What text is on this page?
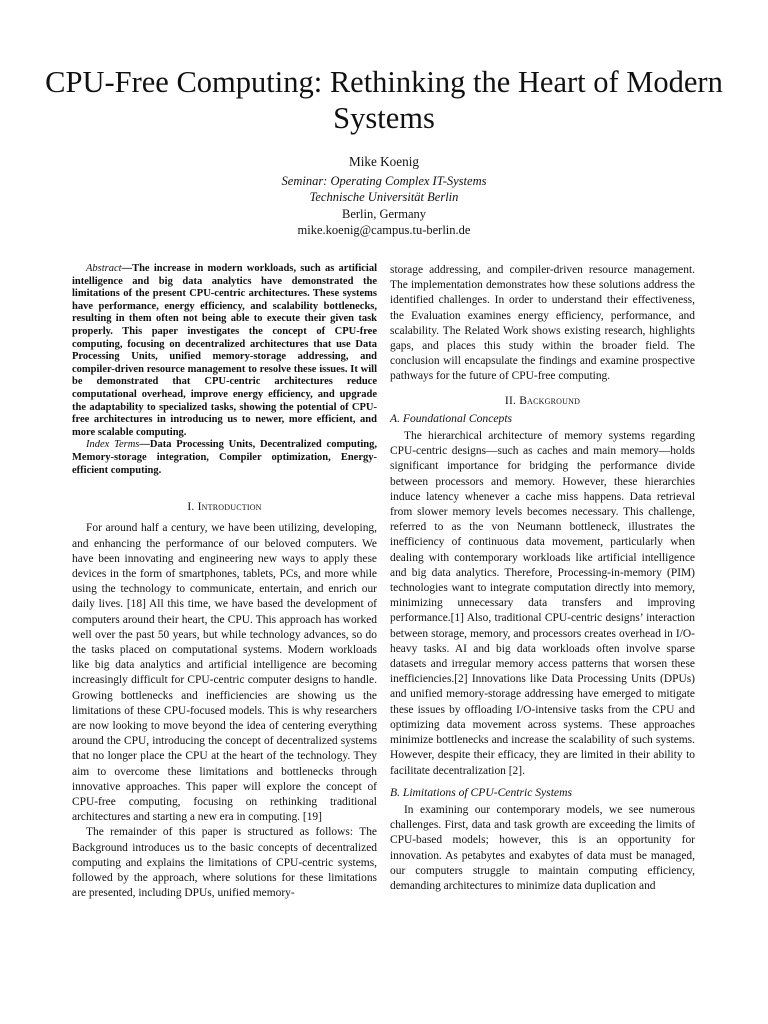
CPU-Free Computing: Rethinking the Heart of Modern Systems
Mike Koenig
Seminar: Operating Complex IT-Systems
Technische Universität Berlin
Berlin, Germany
mike.koenig@campus.tu-berlin.de

Abstract—The increase in modern workloads, such as artificial intelligence and big data analytics have demonstrated the limitations of the present CPU-centric architectures. These systems have performance, energy efficiency, and scalability bottlenecks, resulting in them often not being able to execute their given task properly. This paper investigates the concept of CPU-free computing, focusing on decentralized architectures that use Data Processing Units, unified memory-storage addressing, and compiler-driven resource management to resolve these issues. It will be demonstrated that CPU-centric architectures reduce computational overhead, improve energy efficiency, and upgrade the adaptability to specialized tasks, showing the potential of CPU-free architectures in introducing us to newer, more efficient, and more scalable computing.

Index Terms—Data Processing Units, Decentralized computing, Memory-storage integration, Compiler optimization, Energy-efficient computing.

I. Introduction

For around half a century, we have been utilizing, developing, and enhancing the performance of our beloved computers. We have been innovating and engineering new ways to apply these devices in the form of smartphones, tablets, PCs, and more while using the technology to communicate, entertain, and enrich our daily lives. [18] All this time, we have based the development of computers around their heart, the CPU. This approach has worked well over the past 50 years, but while technology advances, so do the tasks placed on computational systems. Modern workloads like big data analytics and artificial intelligence are becoming increasingly difficult for CPU-centric computer designs to handle. Growing bottlenecks and inefficiencies are showing us the limitations of these CPU-focused models. This is why researchers are now looking to move beyond the idea of centering everything around the CPU, introducing the concept of decentralized systems that no longer place the CPU at the heart of the technology. They aim to overcome these limitations and bottlenecks through innovative approaches. This paper will explore the concept of CPU-free computing, focusing on rethinking traditional architectures and starting a new era in computing. [19]

The remainder of this paper is structured as follows: The Background introduces us to the basic concepts of decentralized computing and explains the limitations of CPU-centric systems, followed by the approach, where solutions for these limitations are presented, including DPUs, unified memory-

storage addressing, and compiler-driven resource management. The implementation demonstrates how these solutions address the identified challenges. In order to understand their effectiveness, the Evaluation examines energy efficiency, performance, and scalability. The Related Work shows existing research, highlights gaps, and places this study within the broader field. The conclusion will encapsulate the findings and examine prospective pathways for the future of CPU-free computing.

II. Background
A. Foundational Concepts

The hierarchical architecture of memory systems regarding CPU-centric designs—such as caches and main memory—holds significant importance for bridging the performance divide between processors and memory. However, these hierarchies induce latency whenever a cache miss happens. Data retrieval from slower memory levels becomes necessary. This challenge, referred to as the von Neumann bottleneck, illustrates the inefficiency of continuous data movement, particularly when dealing with contemporary workloads like artificial intelligence and big data analytics. Therefore, Processing-in-memory (PIM) technologies want to integrate computation directly into memory, minimizing unnecessary data transfers and improving performance.[1] Also, traditional CPU-centric designs’ interaction between storage, memory, and processors creates overhead in I/O-heavy tasks. AI and big data workloads often involve sparse datasets and irregular memory access patterns that worsen these inefficiencies.[2] Innovations like Data Processing Units (DPUs) and unified memory-storage addressing have emerged to mitigate these issues by offloading I/O-intensive tasks from the CPU and optimizing data movement across systems. These approaches minimize bottlenecks and increase the scalability of such systems. However, despite their efficacy, they are limited in their ability to facilitate decentralization [2].

B. Limitations of CPU-Centric Systems

In examining our contemporary models, we see numerous challenges. First, data and task growth are exceeding the limits of CPU-based models; however, this is an opportunity for innovation. As petabytes and exabytes of data must be managed, our computers struggle to maintain computing efficiency, demanding architectures to minimize data duplication and
